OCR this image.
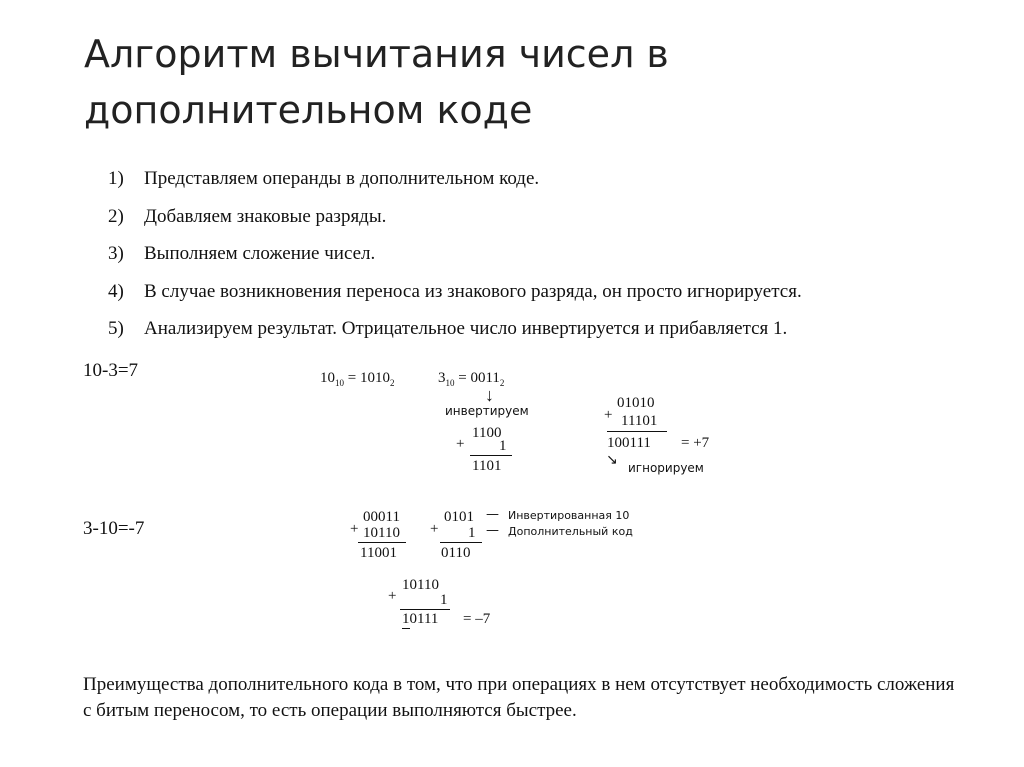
Алгоритм вычитания чисел в дополнительном коде
1) Представляем операнды в дополнительном коде.
2) Добавляем знаковые разряды.
3) Выполняем сложение чисел.
4) В случае возникновения переноса из знакового разряда, он просто игнорируется.
5) Анализируем результат. Отрицательное число инвертируется и прибавляется 1.
10-3=7	$10_{10} = 1010_2$	$3_{10} = 0011_2$
↓
инвертируем
+
1100
1
1101
+
01010
11101
100111 = +7
↘ игнорируем
3-10=-7	+
00011
10110
11001
+
0101
1
0110
— Инвертированная 10
— Дополнительный код
+
10110
1
10111 = –7
Преимущества дополнительного кода в том, что при операциях в нем отсутствует необходимость сложения с битым переносом, то есть операции выполняются быстрее.
